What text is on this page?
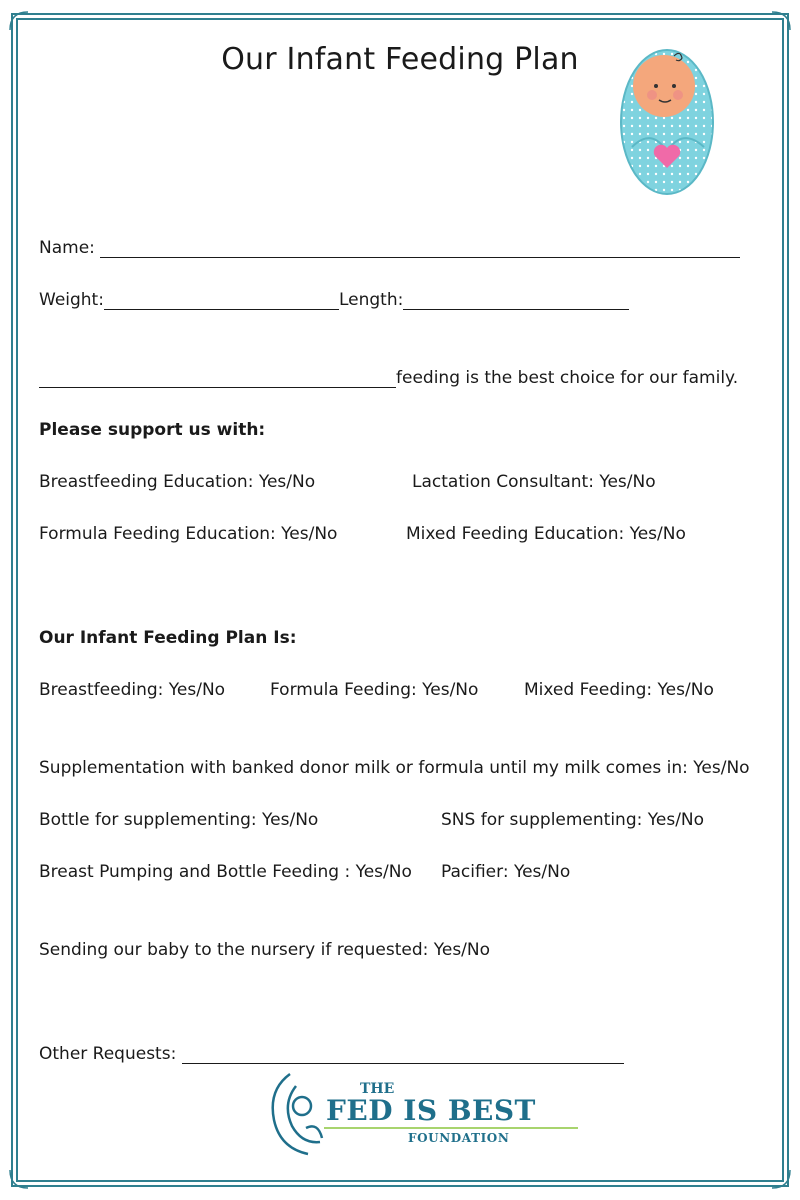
Our Infant Feeding Plan
Name:
Weight:	Length:
feeding is the best choice for our family.
Please support us with:
Breastfeeding Education: Yes/No	Lactation Consultant: Yes/No
Formula Feeding Education: Yes/No	Mixed Feeding Education: Yes/No
Our Infant Feeding Plan Is:
Breastfeeding: Yes/No	Formula Feeding: Yes/No	Mixed Feeding: Yes/No
Supplementation with banked donor milk or formula until my milk comes in: Yes/No
Bottle for supplementing: Yes/No	SNS for supplementing: Yes/No
Breast Pumping and Bottle Feeding : Yes/No Pacifier: Yes/No
Sending our baby to the nursery if requested: Yes/No
Other Requests:
THE
FED IS BEST
FOUNDATION
